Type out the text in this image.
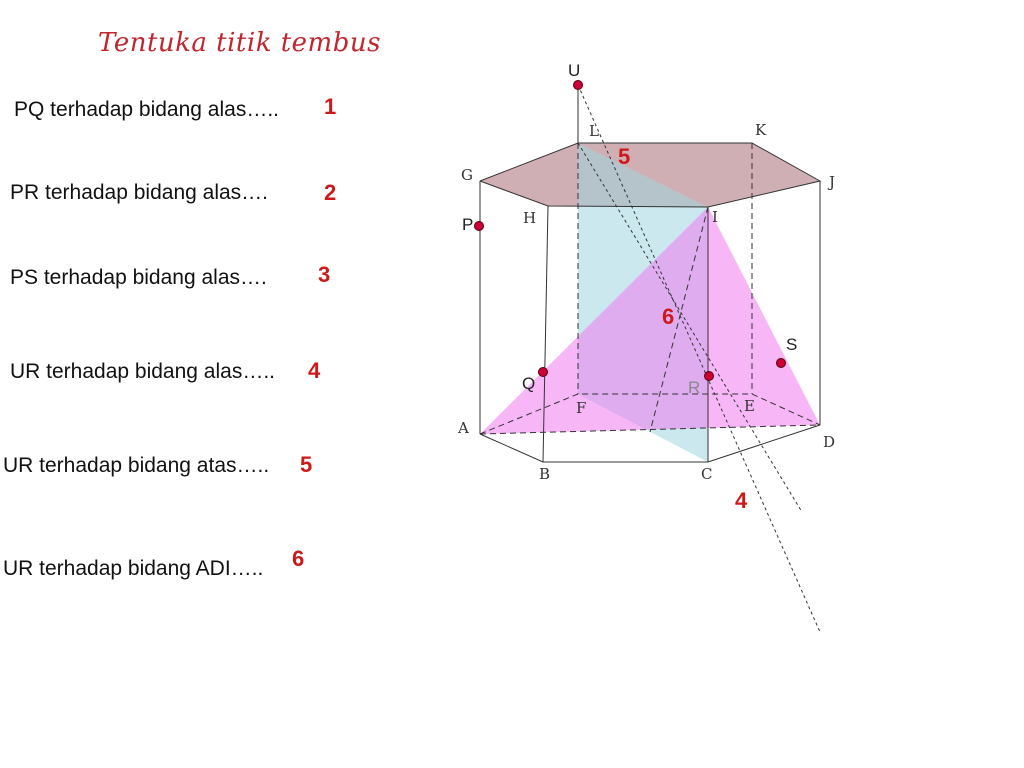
Tentuka titik tembus
PQ terhadap bidang alas….. 1
PR terhadap bidang alas….	2
PS terhadap bidang alas…. 3
UR terhadap bidang alas….. 4
UR terhadap bidang atas….. 5
UR terhadap bidang ADI….. 6
A
B	C
D
E
F
G
H	I
J
K
L
U
P
Q	R
S
5
6
4
